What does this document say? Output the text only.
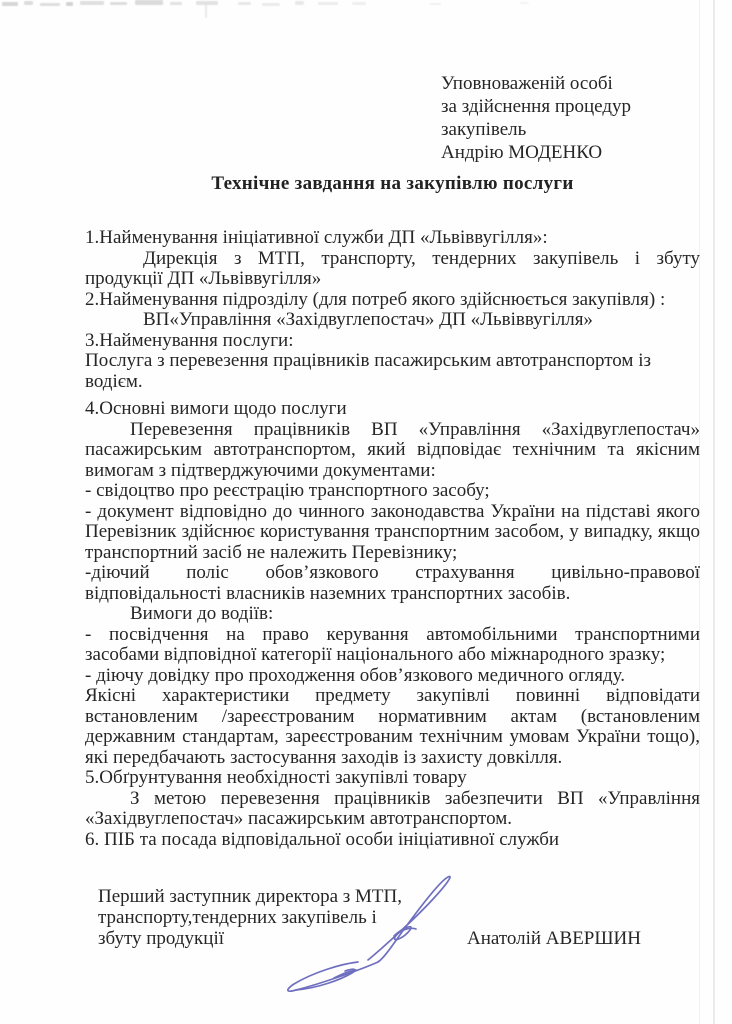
Уповноваженій особі
за здійснення процедур
закупівель
Андрію МОДЕНКО
Технічне завдання на закупівлю послуги

1.Найменування ініціативної служби ДП «Львіввугілля»:

Дирекція з МТП, транспорту, тендерних закупівель і збуту продукції ДП «Львіввугілля»

2.Найменування підрозділу (для потреб якого здійснюється закупівля) :

ВП«Управління «Західвуглепостач» ДП «Львіввугілля»

3.Найменування послуги:

Послуга з перевезення працівників пасажирським автотранспортом із водієм.

4.Основні вимоги щодо послуги

Перевезення працівників ВП «Управління «Західвуглепостач» пасажирським автотранспортом, який відповідає технічним та якісним вимогам з підтверджуючими документами:

- свідоцтво про реєстрацію транспортного засобу;

- документ відповідно до чинного законодавства України на підставі якого Перевізник здійснює користування транспортним засобом, у випадку, якщо транспортний засіб не належить Перевізнику;

-діючий поліс обов’язкового страхування цивільно-правової відповідальності власників наземних транспортних засобів.

Вимоги до водіїв:

- посвідчення на право керування автомобільними транспортними засобами відповідної категорії національного або міжнародного зразку;

- діючу довідку про проходження обов’язкового медичного огляду.

Якісні характеристики предмету закупівлі повинні відповідати встановленим /зареєстрованим нормативним актам (встановленим державним стандартам, зареєстрованим технічним умовам України тощо), які передбачають застосування заходів із захисту довкілля.

5.Обґрунтування необхідності закупівлі товару

З метою перевезення працівників забезпечити ВП «Управління «Західвуглепостач» пасажирським автотранспортом.

6. ПІБ та посада відповідальної особи ініціативної служби

Перший заступник директора з МТП,
транспорту,тендерних закупівель і
збуту продукції	Анатолій АВЕРШИН
